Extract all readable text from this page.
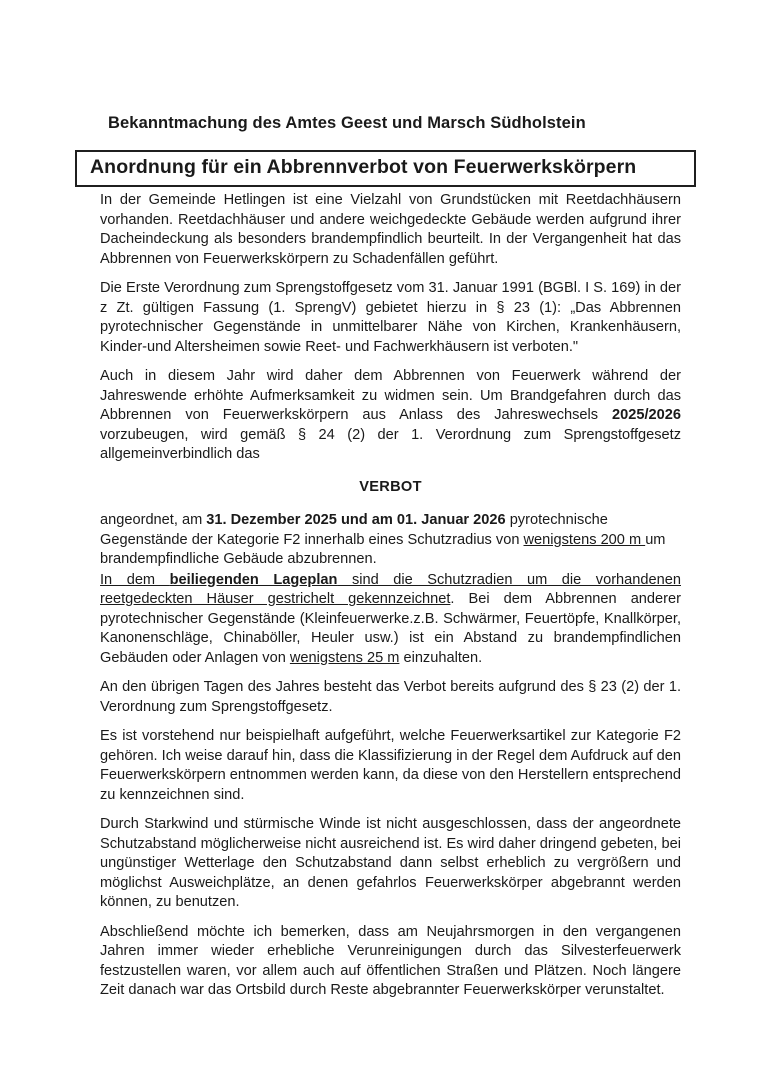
Bekanntmachung des Amtes Geest und Marsch Südholstein
Anordnung für ein Abbrennverbot von Feuerwerkskörpern

In der Gemeinde Hetlingen ist eine Vielzahl von Grundstücken mit Reetdachhäusern vorhanden. Reetdachhäuser und andere weichgedeckte Gebäude werden aufgrund ihrer Dacheindeckung als besonders brandempfindlich beurteilt. In der Vergangenheit hat das Abbrennen von Feuerwerkskörpern zu Schadenfällen geführt.

Die Erste Verordnung zum Sprengstoffgesetz vom 31. Januar 1991 (BGBl. I S. 169) in der z Zt. gültigen Fassung (1. SprengV) gebietet hierzu in § 23 (1): „Das Abbrennen pyrotechnischer Gegenstände in unmittelbarer Nähe von Kirchen, Krankenhäusern, Kinder-und Altersheimen sowie Reet- und Fachwerkhäusern ist verboten."

Auch in diesem Jahr wird daher dem Abbrennen von Feuerwerk während der Jahreswende erhöhte Aufmerksamkeit zu widmen sein. Um Brandgefahren durch das Abbrennen von Feuerwerkskörpern aus Anlass des Jahreswechsels 2025/2026 vorzubeugen, wird gemäß § 24 (2) der 1. Verordnung zum Sprengstoffgesetz allgemeinverbindlich das

VERBOT

angeordnet, am 31. Dezember 2025 und am 01. Januar 2026 pyrotechnische Gegenstände der Kategorie F2 innerhalb eines Schutzradius von wenigstens 200 m um brandempfindliche Gebäude abzubrennen.

In dem beiliegenden Lageplan sind die Schutzradien um die vorhandenen reetgedeckten Häuser gestrichelt gekennzeichnet. Bei dem Abbrennen anderer pyrotechnischer Gegenstände (Kleinfeuerwerke.z.B. Schwärmer, Feuertöpfe, Knallkörper, Kanonenschläge, Chinaböller, Heuler usw.) ist ein Abstand zu brandempfindlichen Gebäuden oder Anlagen von wenigstens 25 m einzuhalten.

An den übrigen Tagen des Jahres besteht das Verbot bereits aufgrund des § 23 (2) der 1. Verordnung zum Sprengstoffgesetz.

Es ist vorstehend nur beispielhaft aufgeführt, welche Feuerwerksartikel zur Kategorie F2 gehören. Ich weise darauf hin, dass die Klassifizierung in der Regel dem Aufdruck auf den Feuerwerkskörpern entnommen werden kann, da diese von den Herstellern entsprechend zu kennzeichnen sind.

Durch Starkwind und stürmische Winde ist nicht ausgeschlossen, dass der angeordnete Schutzabstand möglicherweise nicht ausreichend ist. Es wird daher dringend gebeten, bei ungünstiger Wetterlage den Schutzabstand dann selbst erheblich zu vergrößern und möglichst Ausweichplätze, an denen gefahrlos Feuerwerkskörper abgebrannt werden können, zu benutzen.

Abschließend möchte ich bemerken, dass am Neujahrsmorgen in den vergangenen Jahren immer wieder erhebliche Verunreinigungen durch das Silvesterfeuerwerk festzustellen waren, vor allem auch auf öffentlichen Straßen und Plätzen. Noch längere Zeit danach war das Ortsbild durch Reste abgebrannter Feuerwerkskörper verunstaltet.
